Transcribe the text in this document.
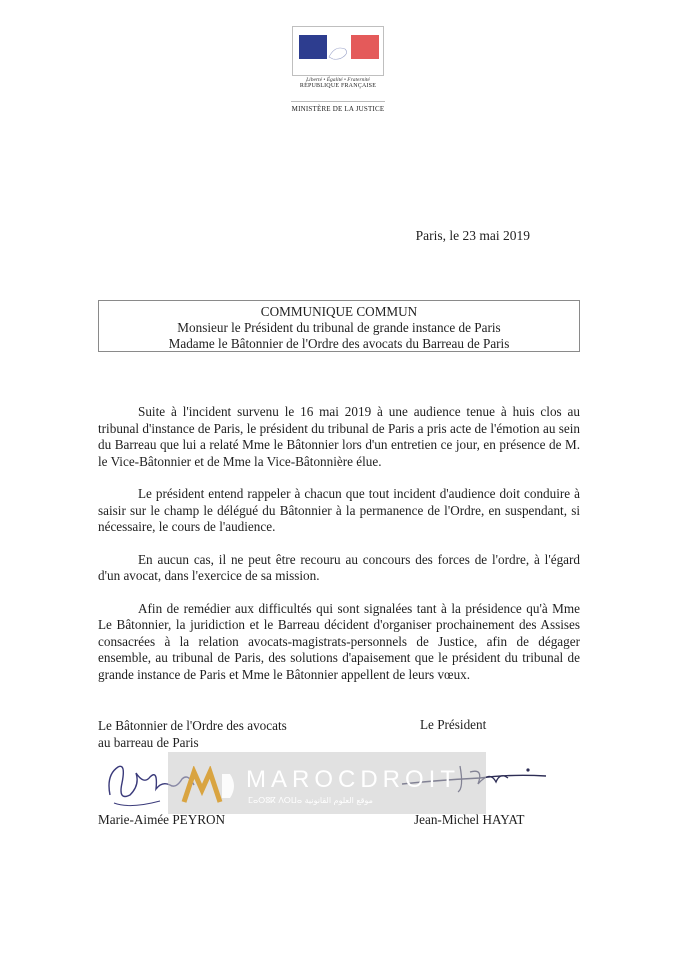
Liberté • Égalité • Fraternité
RÉPUBLIQUE FRANÇAISE
MINISTÈRE DE LA JUSTICE
Paris, le 23 mai 2019
COMMUNIQUE COMMUN
Monsieur le Président du tribunal de grande instance de Paris
Madame le Bâtonnier de l'Ordre des avocats du Barreau de Paris

Suite à l'incident survenu le 16 mai 2019 à une audience tenue à huis clos au tribunal d'instance de Paris, le président du tribunal de Paris a pris acte de l'émotion au sein du Barreau que lui a relaté Mme le Bâtonnier lors d'un entretien ce jour, en présence de M. le Vice-Bâtonnier et de Mme la Vice-Bâtonnière élue.

Le président entend rappeler à chacun que tout incident d'audience doit conduire à saisir sur le champ le délégué du Bâtonnier à la permanence de l'Ordre, en suspendant, si nécessaire, le cours de l'audience.

En aucun cas, il ne peut être recouru au concours des forces de l'ordre, à l'égard d'un avocat, dans l'exercice de sa mission.

Afin de remédier aux difficultés qui sont signalées tant à la présidence qu'à Mme Le Bâtonnier, la juridiction et le Barreau décident d'organiser prochainement des Assises consacrées à la relation avocats-magistrats-personnels de Justice, afin de dégager ensemble, au tribunal de Paris, des solutions d'apaisement que le président du tribunal de grande instance de Paris et Mme le Bâtonnier appellent de leurs vœux.

Le Bâtonnier de l'Ordre des avocats
au barreau de Paris
Le Président
MAROCDROIT
ⵎⴰⵔⵓⴽ ⴷⵔⵡⴰ موقع العلوم القانونية
Marie-Aimée PEYRON	Jean-Michel HAYAT
